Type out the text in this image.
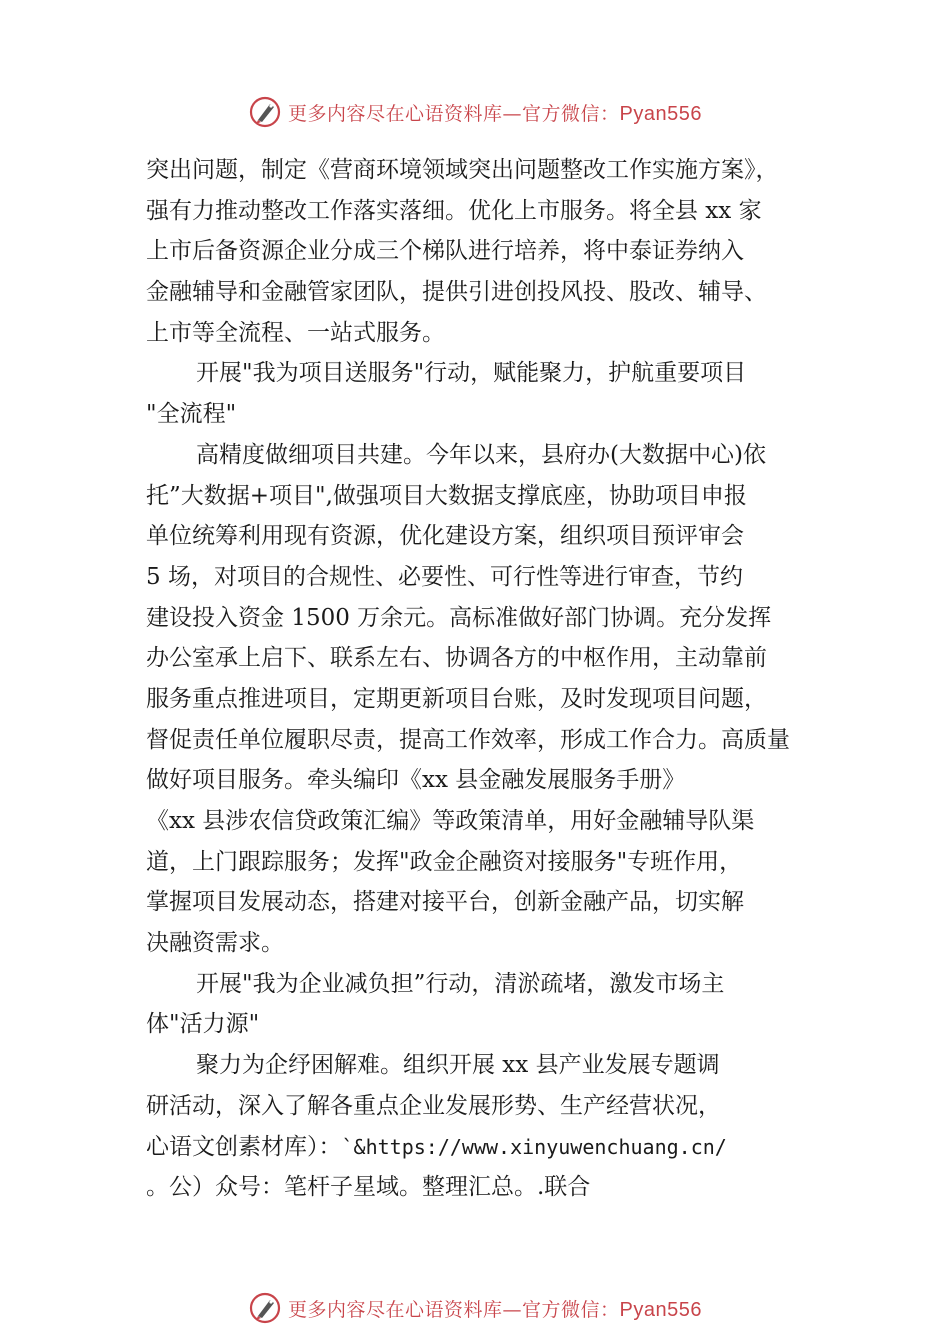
更多内容尽在心语资料库—官方微信：Pyan556
突出问题，制定《营商环境领域突出问题整改工作实施方案》，
强有力推动整改工作落实落细。优化上市服务。将全县 xx 家
上市后备资源企业分成三个梯队进行培养，将中泰证券纳入
金融辅导和金融管家团队，提供引进创投风投、股改、辅导、
上市等全流程、一站式服务。
开展"我为项目送服务"行动，赋能聚力，护航重要项目
"全流程"
高精度做细项目共建。今年以来，县府办(大数据中心)依
托”大数据+项目",做强项目大数据支撑底座，协助项目申报
单位统筹利用现有资源，优化建设方案，组织项目预评审会
5 场，对项目的合规性、必要性、可行性等进行审查，节约
建设投入资金 1500 万余元。高标准做好部门协调。充分发挥
办公室承上启下、联系左右、协调各方的中枢作用，主动靠前
服务重点推进项目，定期更新项目台账，及时发现项目问题，
督促责任单位履职尽责，提高工作效率，形成工作合力。高质量
做好项目服务。牵头编印《xx 县金融发展服务手册》
《xx 县涉农信贷政策汇编》等政策清单，用好金融辅导队渠
道，上门跟踪服务；发挥"政金企融资对接服务"专班作用，
掌握项目发展动态，搭建对接平台，创新金融产品，切实解
决融资需求。
开展"我为企业减负担”行动，清淤疏堵，激发市场主
体"活力源"
聚力为企纾困解难。组织开展 xx 县产业发展专题调
研活动，深入了解各重点企业发展形势、生产经营状况，
心语文创素材库）：`&https://www.xinyuwenchuang.cn/
。公）众号：笔杆子星域。整理汇总。.联合
更多内容尽在心语资料库—官方微信：Pyan556
